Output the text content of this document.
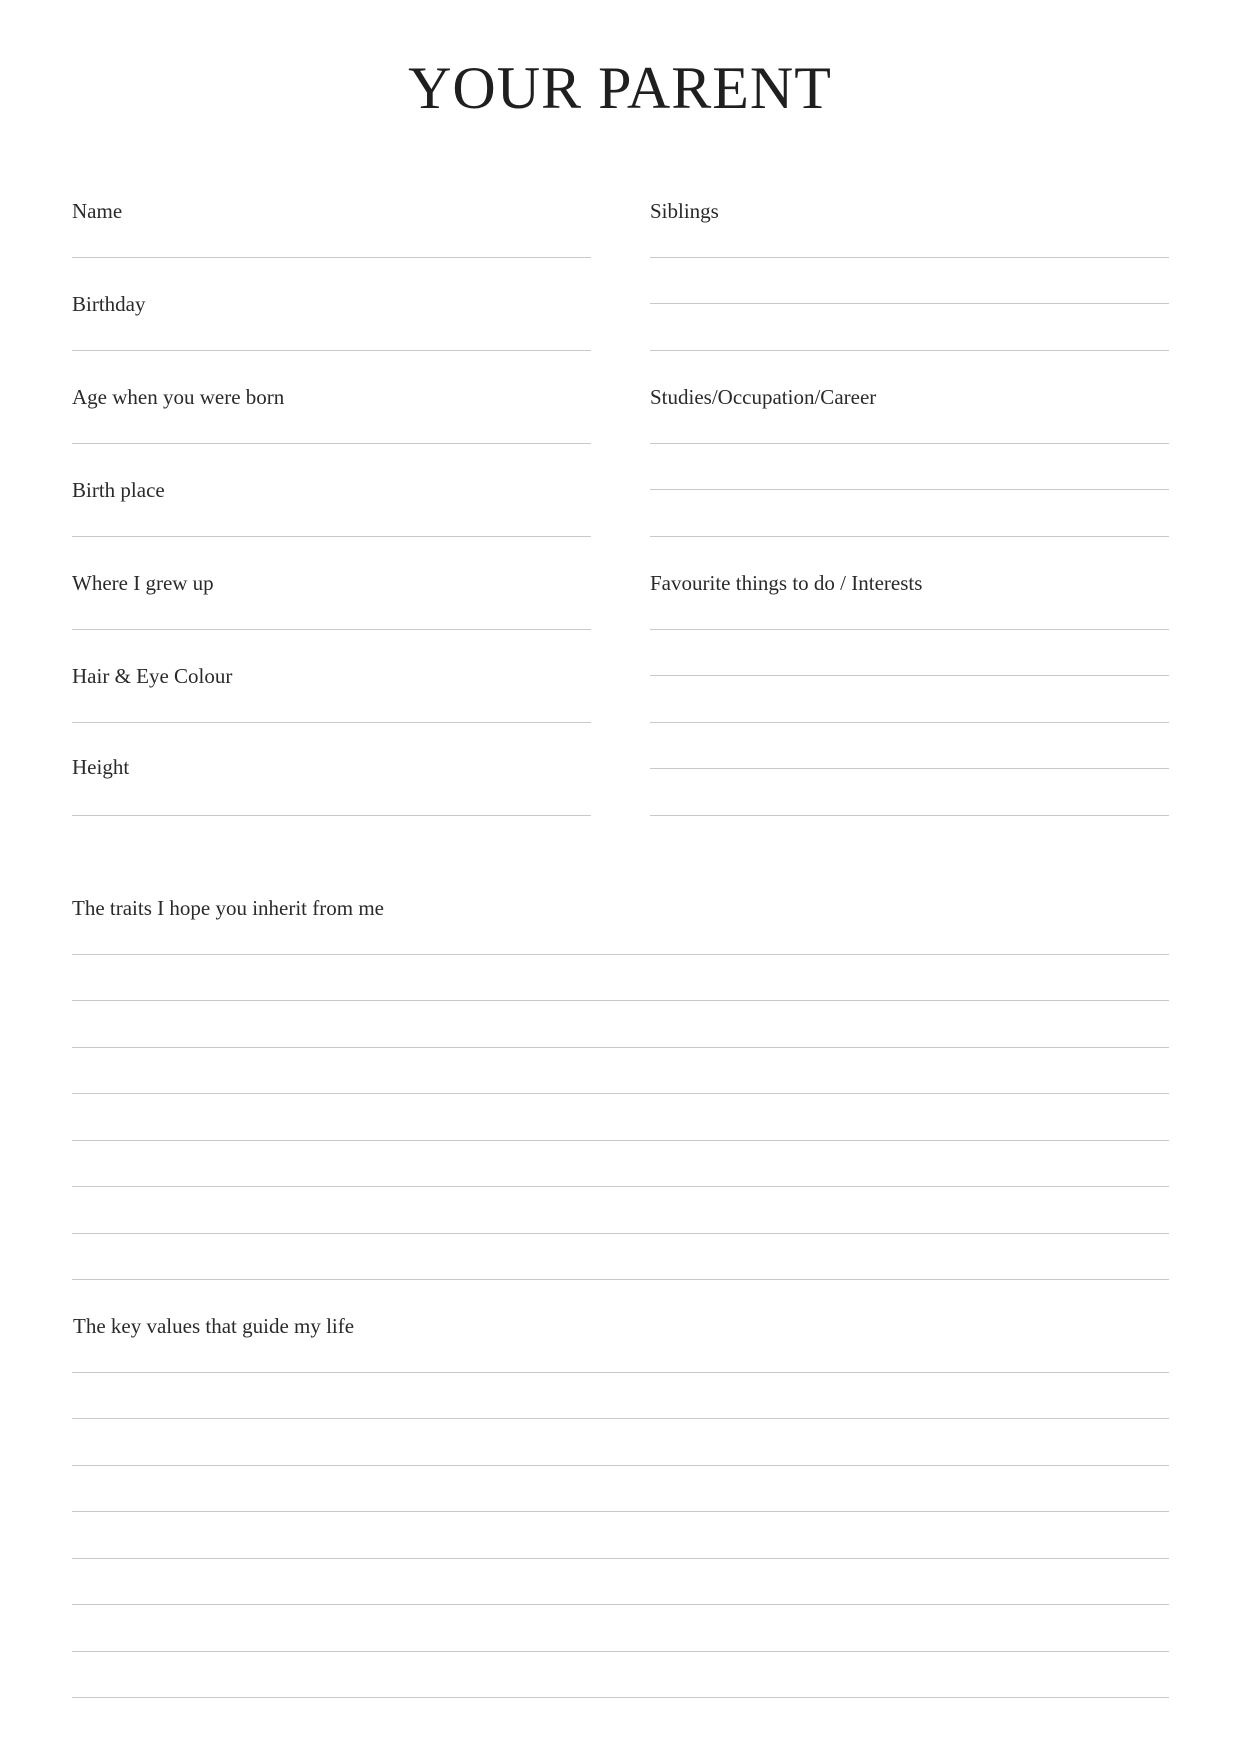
YOUR PARENT
Name
Birthday
Age when you were born
Birth place
Where I grew up
Hair & Eye Colour
Height
Siblings
Studies/Occupation/Career
Favourite things to do / Interests
The traits I hope you inherit from me
The key values that guide my life
